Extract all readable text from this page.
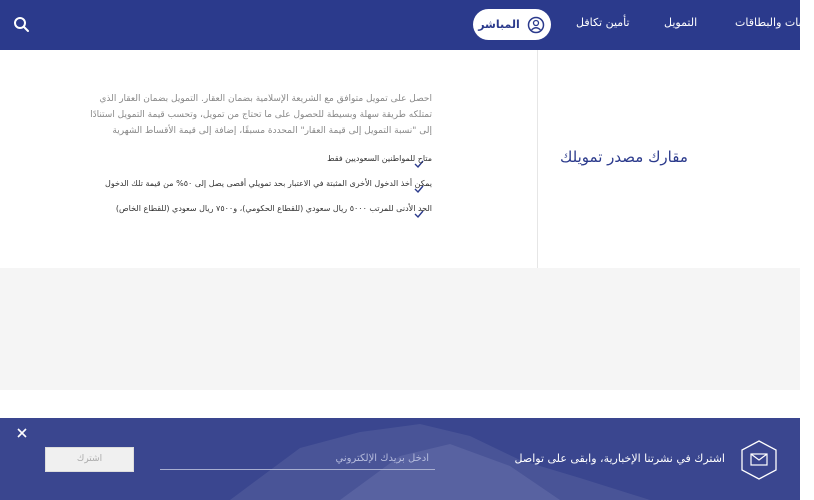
المباشر	تأمين تكافل	التمويل	سابات والبطاقات
مقارك مصدر تمويلك

احصل على تمويل متوافق مع الشريعة الإسلامية بضمان العقار. التمويل بضمان العقار الذي تمتلكه طريقة سهلة وبسيطة للحصول على ما تحتاج من تمويل، وتحسب قيمة التمويل استنادًا إلى "نسبة التمويل إلى قيمة العقار" المحددة مسبقًا، إضافة إلى قيمة الأقساط الشهرية

متاح للمواطنين السعوديين فقط
يمكن أخذ الدخول الأخرى المثبتة في الاعتبار بحد تمويلي أقصى يصل إلى ٥٠% من قيمة تلك الدخول
الحد الأدنى للمرتب ٥٠٠٠ ريال سعودي (للقطاع الحكومي)، و٧٥٠٠ ريال سعودي (للقطاع الخاص)
اشترك
أدخل بريدك الإلكتروني	اشترك في نشرتنا الإخبارية، وابقى على تواصل
